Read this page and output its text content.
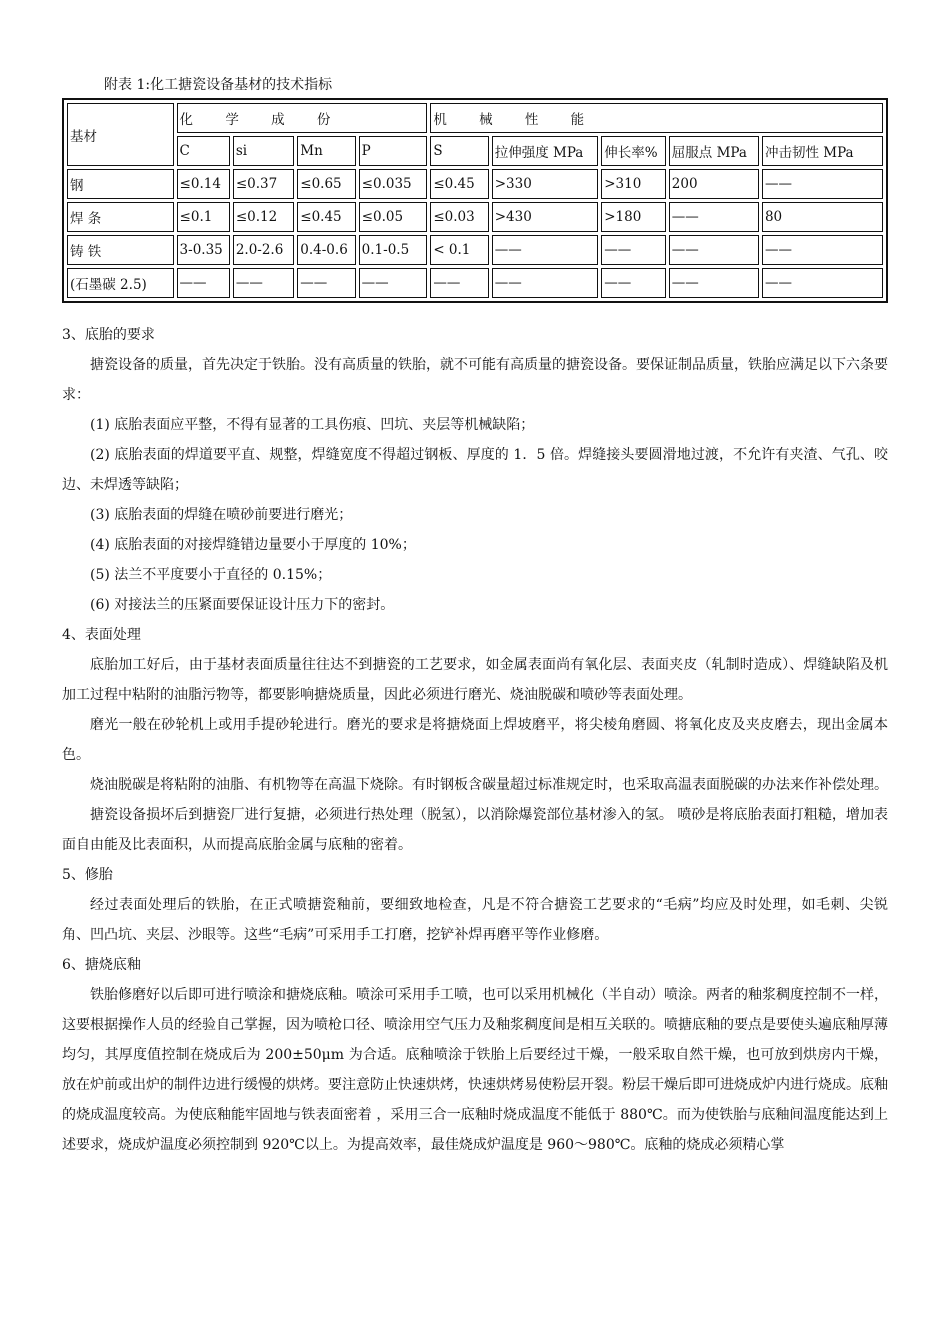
附表 1:化工搪瓷设备基材的技术指标
基材	化 学 成 份				机 械 性 能				
	C	si	Mn	P	S	拉伸强度 MPa	伸长率%	屈服点 MPa	冲击韧性 MPa
钢	≤0.14	≤0.37	≤0.65	≤0.035	≤0.45	>330	>310	200	——
焊 条	≤0.1	≤0.12	≤0.45	≤0.05	≤0.03	>430	>180	——	80
铸 铁	3-0.35	2.0-2.6	0.4-0.6	0.1-0.5	< 0.1	——	——	——	——
(石墨碳 2.5)	——	——	——	——	——	——	——	——	——

3、底胎的要求

搪瓷设备的质量，首先决定于铁胎。没有高质量的铁胎，就不可能有高质量的搪瓷设备。要保证制品质量，铁胎应满足以下六条要求：

(1) 底胎表面应平整，不得有显著的工具伤痕、凹坑、夹层等机械缺陷；

(2) 底胎表面的焊道要平直、规整，焊缝宽度不得超过钢板、厚度的 1．5 倍。焊缝接头要圆滑地过渡，不允许有夹渣、气孔、咬边、未焊透等缺陷；

(3) 底胎表面的焊缝在喷砂前要进行磨光；

(4) 底胎表面的对接焊缝错边量要小于厚度的 10%；

(5) 法兰不平度要小于直径的 0.15%；

(6) 对接法兰的压紧面要保证设计压力下的密封。

4、表面处理

底胎加工好后，由于基材表面质量往往达不到搪瓷的工艺要求，如金属表面尚有氧化层、表面夹皮（轧制时造成）、焊缝缺陷及机加工过程中粘附的油脂污物等，都要影响搪烧质量，因此必须进行磨光、烧油脱碳和喷砂等表面处理。

磨光一般在砂轮机上或用手提砂轮进行。磨光的要求是将搪烧面上焊坡磨平，将尖棱角磨圆、将氧化皮及夹皮磨去，现出金属本色。

烧油脱碳是将粘附的油脂、有机物等在高温下烧除。有时钢板含碳量超过标准规定时，也采取高温表面脱碳的办法来作补偿处理。

搪瓷设备损坏后到搪瓷厂进行复搪，必须进行热处理（脱氢），以消除爆瓷部位基材渗入的氢。 喷砂是将底胎表面打粗糙，增加表面自由能及比表面积，从而提高底胎金属与底釉的密着。

5、修胎

经过表面处理后的铁胎，在正式喷搪瓷釉前，要细致地检查，凡是不符合搪瓷工艺要求的“毛病”均应及时处理，如毛刺、尖锐角、凹凸坑、夹层、沙眼等。这些“毛病”可采用手工打磨，挖铲补焊再磨平等作业修磨。

6、搪烧底釉

铁胎修磨好以后即可进行喷涂和搪烧底釉。喷涂可采用手工喷，也可以采用机械化（半自动）喷涂。两者的釉浆稠度控制不一样，这要根据操作人员的经验自己掌握，因为喷枪口径、喷涂用空气压力及釉浆稠度间是相互关联的。喷搪底釉的要点是要使头遍底釉厚薄均匀，其厚度值控制在烧成后为 200±50μm 为合适。底釉喷涂于铁胎上后要经过干燥，一般采取自然干燥，也可放到烘房内干燥，放在炉前或出炉的制件边进行缓慢的烘烤。要注意防止快速烘烤，快速烘烤易使粉层开裂。粉层干燥后即可进烧成炉内进行烧成。底釉的烧成温度较高。为使底釉能牢固地与铁表面密着 ，采用三合一底釉时烧成温度不能低于 880℃。而为使铁胎与底釉间温度能达到上述要求，烧成炉温度必须控制到 920℃以上。为提高效率，最佳烧成炉温度是 960～980℃。底釉的烧成必须精心掌
